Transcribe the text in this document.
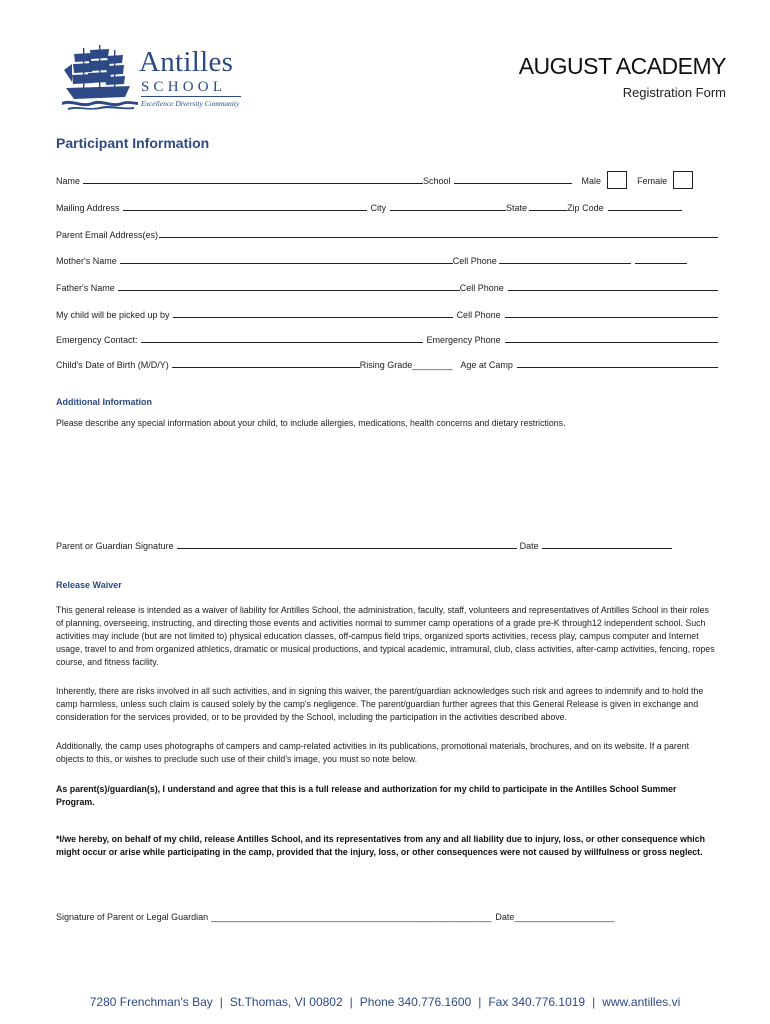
Antilles
SCHOOL
Excellence Diversity Community
AUGUST ACADEMY
Registration Form
Participant Information
Name	School	Male	Female
Mailing Address	City	State	Zip Code
Parent Email Address(es)
Mother's Name	Cell Phone
Father's Name	Cell Phone
My child will be picked up by	Cell Phone
Emergency Contact:	Emergency Phone
Child's Date of Birth (M/D/Y)	Rising Grade ________ Age at Camp
Additional Information
Please describe any special information about your child, to include allergies, medications, health concerns and dietary restrictions.
Parent or Guardian Signature	Date
Release Waiver
This general release is intended as a waiver of liability for Antilles School, the administration, faculty, staff, volunteers and representatives of Antilles School in their roles of planning, overseeing, instructing, and directing those events and activities normal to summer camp operations of a grade pre-K through12 independent school. Such activities may include (but are not limited to) physical education classes, off-campus field trips, organized sports activities, recess play, campus computer and Internet usage, travel to and from organized athletics, dramatic or musical productions, and typical academic, intramural, club, class activities, after-camp activities, fencing, ropes course, and fitness facility.
Inherently, there are risks involved in all such activities, and in signing this waiver, the parent/guardian acknowledges such risk and agrees to indemnify and to hold the camp harmless, unless such claim is caused solely by the camp's negligence. The parent/guardian further agrees that this General Release is given in exchange and consideration for the services provided, or to be provided by the School, including the participation in the activities described above.
Additionally, the camp uses photographs of campers and camp-related activities in its publications, promotional materials, brochures, and on its website. If a parent objects to this, or wishes to preclude such use of their child's image, you must so note below.
As parent(s)/guardian(s), I understand and agree that this is a full release and authorization for my child to participate in the Antilles School Summer Program.
*I/we hereby, on behalf of my child, release Antilles School, and its representatives from any and all liability due to injury, loss, or other consequence which might occur or arise while participating in the camp, provided that the injury, loss, or other consequences were not caused by willfulness or gross neglect.
Signature of Parent or Legal Guardian ________________________________________________________ Date ____________________
7280 Frenchman's Bay | St.Thomas, VI 00802 | Phone 340.776.1600 | Fax 340.776.1019 | www.antilles.vi
